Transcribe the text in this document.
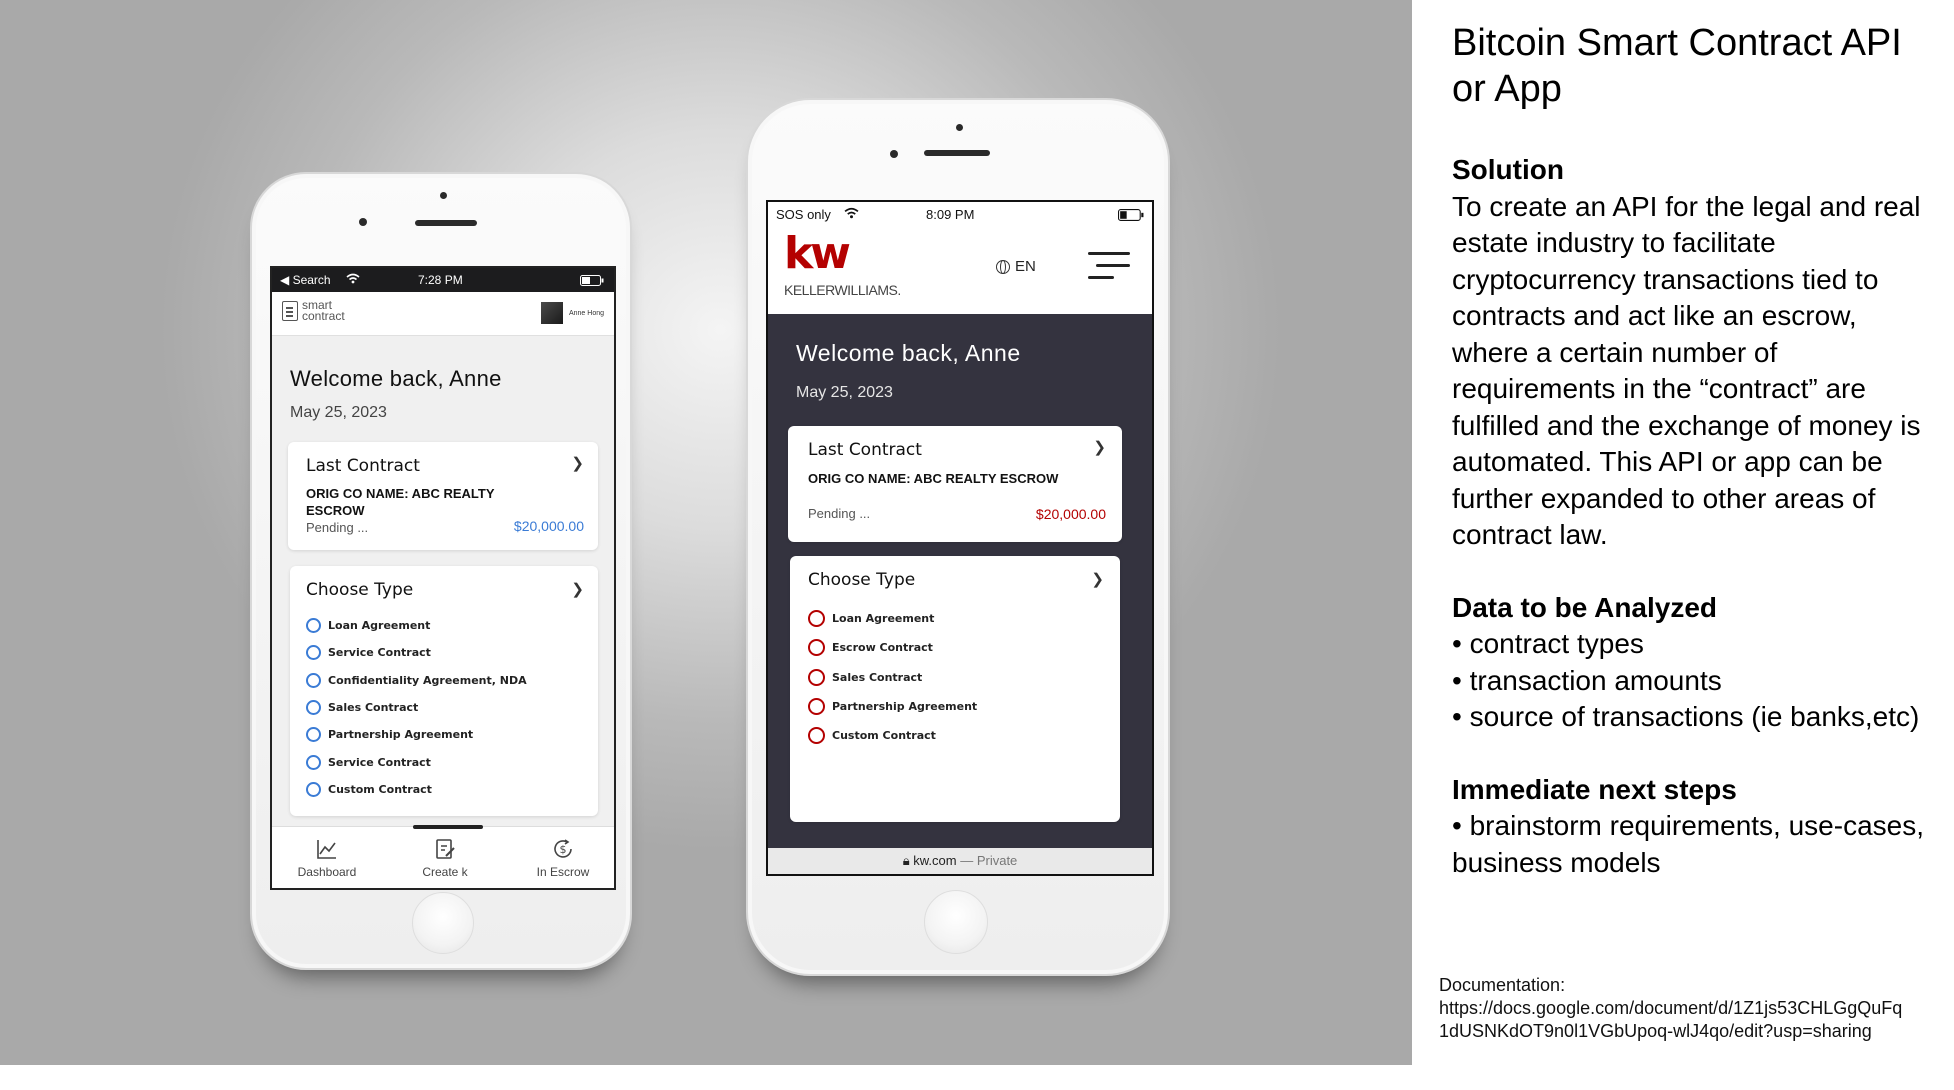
◀ Search	7:28 PM
smart
contract	Anne Hong
Welcome back, Anne
May 25, 2023
Last Contract	❯
ORIG CO NAME: ABC REALTY ESCROW
Pending ...	$20,000.00
Choose Type	❯
Loan Agreement
Service Contract
Confidentiality Agreement, NDA
Sales Contract
Partnership Agreement
Service Contract
Custom Contract
Dashboard	Create k
$
In Escrow
SOS only	8:09 PM
kw
KELLERWILLIAMS.
EN
Welcome back, Anne
May 25, 2023
Last Contract	❯
ORIG CO NAME: ABC REALTY ESCROW
Pending ...	$20,000.00
Choose Type	❯
Loan Agreement
Escrow Contract
Sales Contract
Partnership Agreement
Custom Contract
🔒︎ kw.com — Private
Bitcoin Smart Contract API or App
Solution
To create an API for the legal and real estate industry to facilitate cryptocurrency transactions tied to contracts and act like an escrow, where a certain number of requirements in the “contract” are fulfilled and the exchange of money is automated. This API or app can be further expanded to other areas of contract law.
Data to be Analyzed
• contract types
• transaction amounts
• source of transactions (ie banks,etc)
Immediate next steps
• brainstorm requirements, use-cases, business models
Documentation:
https://docs.google.com/document/d/1Z1js53CHLGgQuFq1dUSNKdOT9n0l1VGbUpoq-wlJ4qo/edit?usp=sharing
